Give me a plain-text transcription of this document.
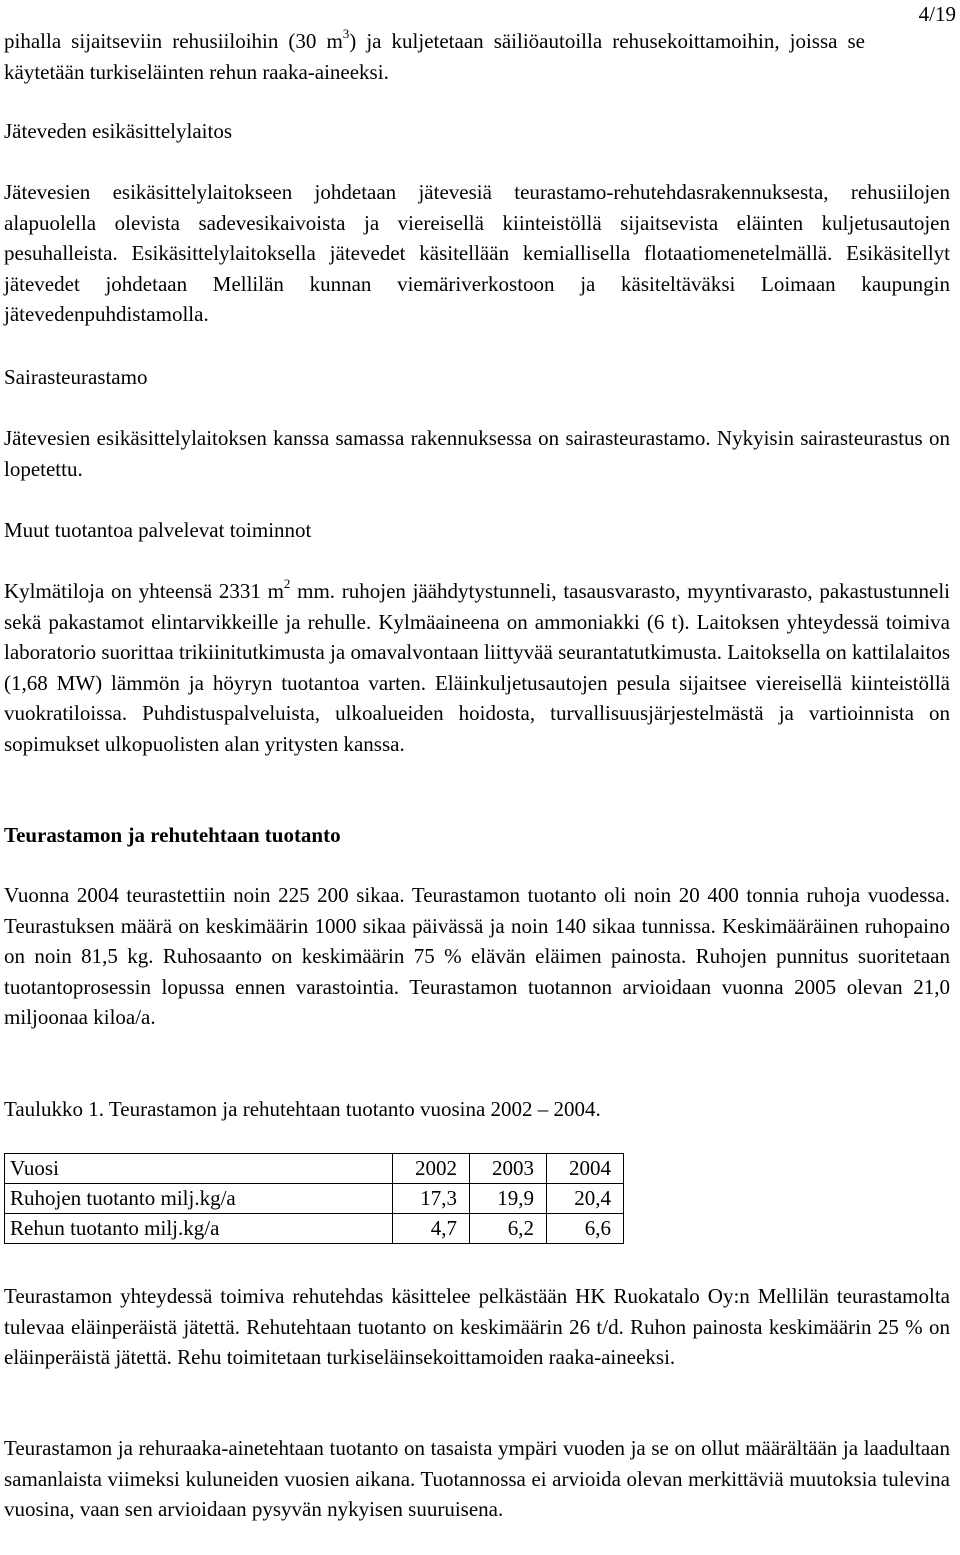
4/19

pihalla sijaitseviin rehusiiloihin (30 $m^3$) ja kuljetetaan säiliöautoilla rehusekoittamoihin, joissa se käytetään turkiseläinten rehun raaka-aineeksi.

Jäteveden esikäsittelylaitos

Jätevesien esikäsittelylaitokseen johdetaan jätevesiä teurastamo-rehutehdasrakennuksesta, rehusiilojen alapuolella olevista sadevesikaivoista ja viereisellä kiinteistöllä sijaitsevista eläinten kuljetusautojen pesuhalleista. Esikäsittelylaitoksella jätevedet käsitellään kemiallisella flotaatiomenetelmällä. Esikäsitellyt jätevedet johdetaan Mellilän kunnan viemäriverkostoon ja käsiteltäväksi Loimaan kaupungin jätevedenpuhdistamolla.

Sairasteurastamo

Jätevesien esikäsittelylaitoksen kanssa samassa rakennuksessa on sairasteurastamo. Nykyisin sairasteurastus on lopetettu.

Muut tuotantoa palvelevat toiminnot

Kylmätiloja on yhteensä 2331 $m^2$ mm. ruhojen jäähdytystunneli, tasausvarasto, myyntivarasto, pakastustunneli sekä pakastamot elintarvikkeille ja rehulle. Kylmäaineena on ammoniakki (6 t). Laitoksen yhteydessä toimiva laboratorio suorittaa trikiinitutkimusta ja omavalvontaan liittyvää seurantatutkimusta. Laitoksella on kattilalaitos (1,68 MW) lämmön ja höyryn tuotantoa varten. Eläinkuljetusautojen pesula sijaitsee viereisellä kiinteistöllä vuokratiloissa. Puhdistuspalveluista, ulkoalueiden hoidosta, turvallisuusjärjestelmästä ja vartioinnista on sopimukset ulkopuolisten alan yritysten kanssa.

Teurastamon ja rehutehtaan tuotanto

Vuonna 2004 teurastettiin noin 225 200 sikaa. Teurastamon tuotanto oli noin 20 400 tonnia ruhoja vuodessa. Teurastuksen määrä on keskimäärin 1000 sikaa päivässä ja noin 140 sikaa tunnissa. Keskimääräinen ruhopaino on noin 81,5 kg. Ruhosaanto on keskimäärin 75 % elävän eläimen painosta. Ruhojen punnitus suoritetaan tuotantoprosessin lopussa ennen varastointia. Teurastamon tuotannon arvioidaan vuonna 2005 olevan 21,0 miljoonaa kiloa/a.

Taulukko 1. Teurastamon ja rehutehtaan tuotanto vuosina 2002 – 2004.

Vuosi	2002	2003	2004
Ruhojen tuotanto milj.kg/a	17,3	19,9	20,4
Rehun tuotanto milj.kg/a	4,7	6,2	6,6

Teurastamon yhteydessä toimiva rehutehdas käsittelee pelkästään HK Ruokatalo Oy:n Mellilän teurastamolta tulevaa eläinperäistä jätettä. Rehutehtaan tuotanto on keskimäärin 26 t/d. Ruhon painosta keskimäärin 25 % on eläinperäistä jätettä. Rehu toimitetaan turkiseläinsekoittamoiden raaka-aineeksi.

Teurastamon ja rehuraaka-ainetehtaan tuotanto on tasaista ympäri vuoden ja se on ollut määrältään ja laadultaan samanlaista viimeksi kuluneiden vuosien aikana. Tuotannossa ei arvioida olevan merkittäviä muutoksia tulevina vuosina, vaan sen arvioidaan pysyvän nykyisen suuruisena.
